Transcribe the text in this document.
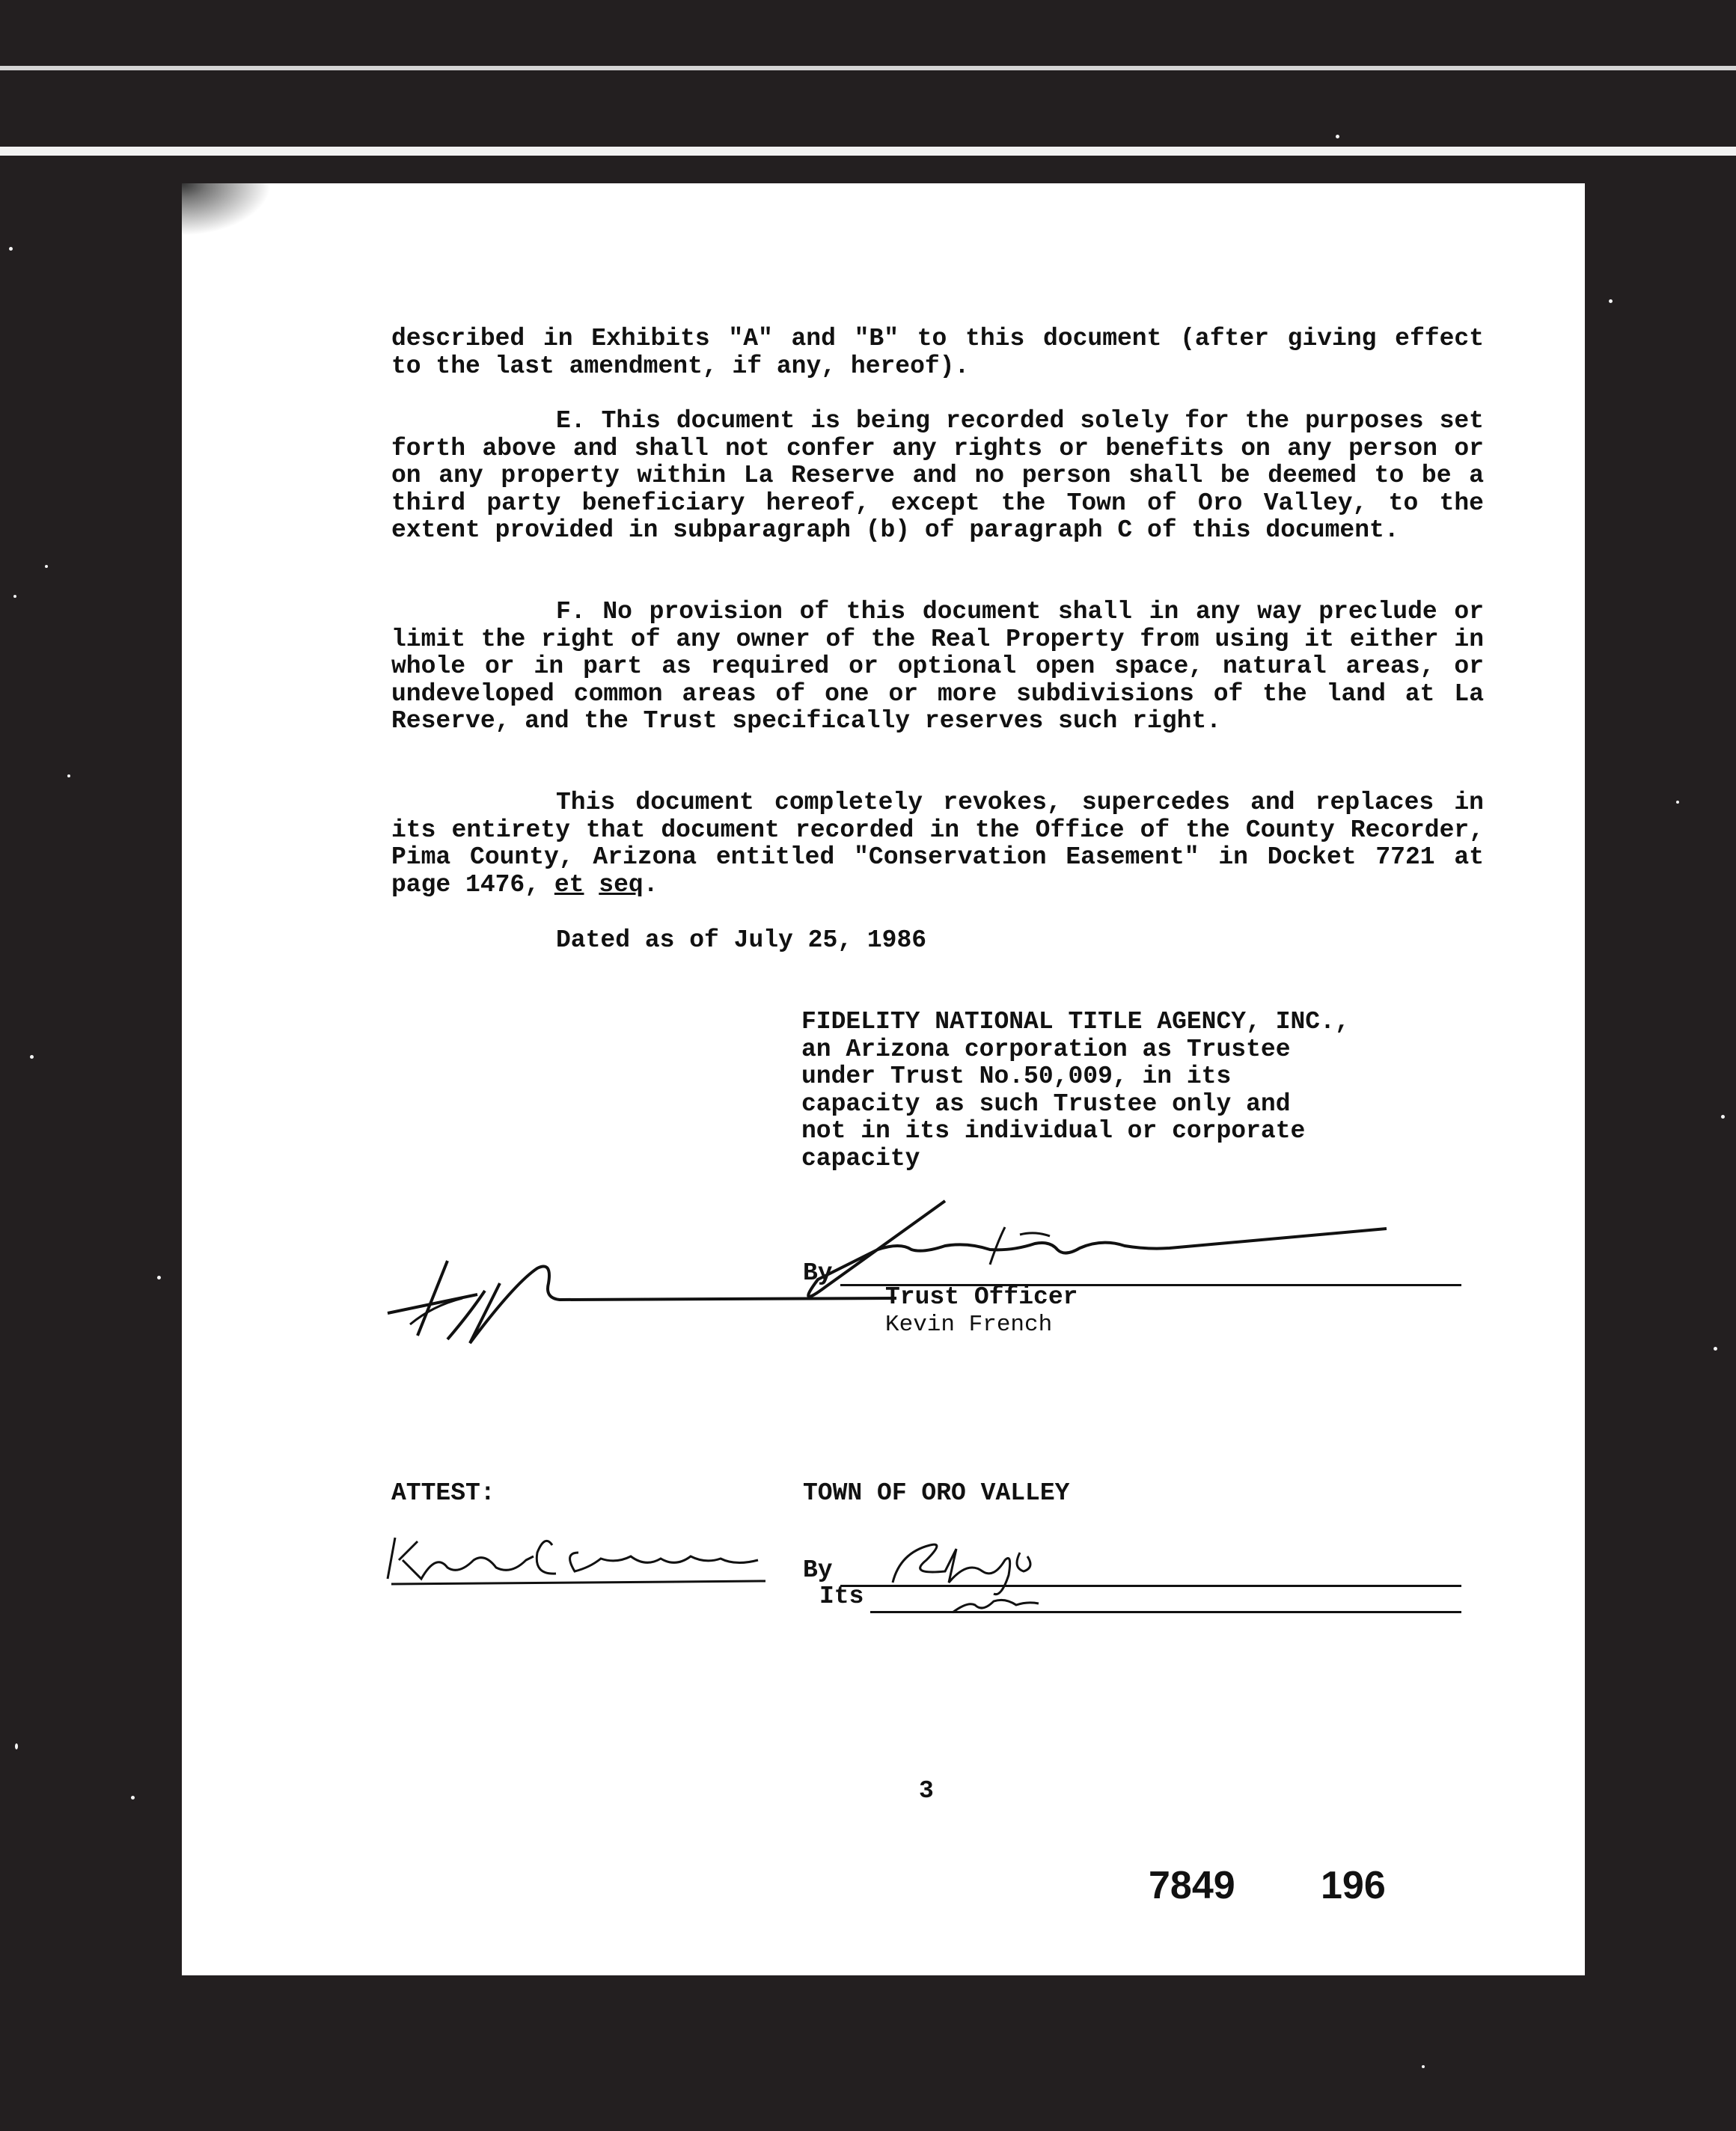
described in Exhibits "A" and "B" to this document (after giving effect to the last amendment, if any, hereof).

E. This document is being recorded solely for the purposes set forth above and shall not confer any rights or benefits on any person or on any property within La Reserve and no person shall be deemed to be a third party beneficiary hereof, except the Town of Oro Valley, to the extent provided in subparagraph (b) of paragraph C of this document.

F. No provision of this document shall in any way preclude or limit the right of any owner of the Real Property from using it either in whole or in part as required or optional open space, natural areas, or undeveloped common areas of one or more subdivisions of the land at La Reserve, and the Trust specifically reserves such right.

This document completely revokes, supercedes and replaces in its entirety that document recorded in the Office of the County Recorder, Pima County, Arizona entitled "Conservation Easement" in Docket 7721 at page 1476, et seq.

Dated as of July 25, 1986
FIDELITY NATIONAL TITLE AGENCY, INC.,
an Arizona corporation as Trustee
under Trust No.50,009, in its
capacity as such Trustee only and
not in its individual or corporate
capacity
By
Trust Officer
Kevin French
ATTEST:	TOWN OF ORO VALLEY
By
Its
3
7849 196
